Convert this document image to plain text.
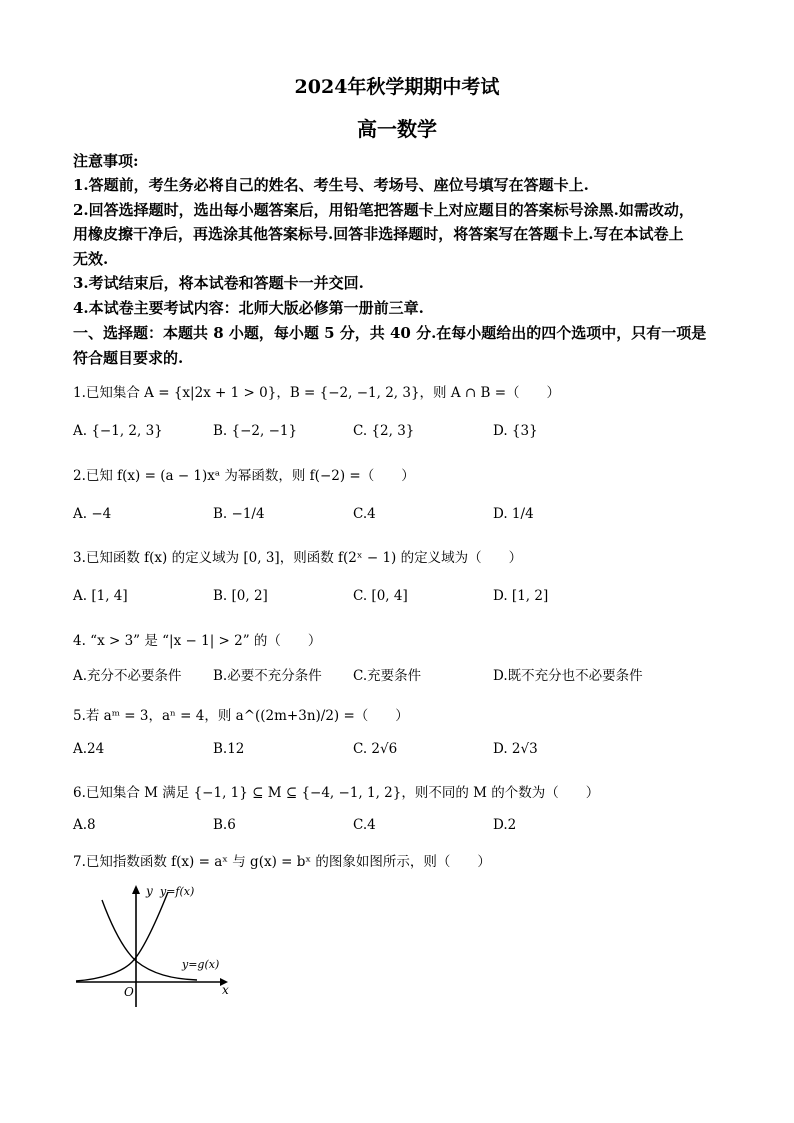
2024年秋学期期中考试
高一数学
注意事项:
1.答题前，考生务必将自己的姓名、考生号、考场号、座位号填写在答题卡上.
2.回答选择题时，选出每小题答案后，用铅笔把答题卡上对应题目的答案标号涂黑.如需改动，
用橡皮擦干净后，再选涂其他答案标号.回答非选择题时，将答案写在答题卡上.写在本试卷上
无效.
3.考试结束后，将本试卷和答题卡一并交回.
4.本试卷主要考试内容：北师大版必修第一册前三章.
一、选择题：本题共 8 小题，每小题 5 分，共 40 分.在每小题给出的四个选项中，只有一项是
符合题目要求的.
1.已知集合 A = {x|2x + 1 > 0}，B = {−2, −1, 2, 3}，则 A ∩ B =（　　）
A. {−1, 2, 3}	B. {−2, −1}	C. {2, 3}	D. {3}
2.已知 f(x) = (a − 1)xᵃ 为幂函数，则 f(−2) =（　　）
A. −4	B. −1/4	C.4	D. 1/4
3.已知函数 f(x) 的定义域为 [0, 3]，则函数 f(2ˣ − 1) 的定义域为（　　）
A. [1, 4]	B. [0, 2]	C. [0, 4]	D. [1, 2]
4. “x > 3” 是 “|x − 1| > 2” 的（　　）
A.充分不必要条件 B.必要不充分条件 C.充要条件	D.既不充分也不必要条件
5.若 aᵐ = 3，aⁿ = 4，则 a^((2m+3n)/2) =（　　）
A.24	B.12	C. 2√6	D. 2√3
6.已知集合 M 满足 {−1, 1} ⊆ M ⊆ {−4, −1, 1, 2}，则不同的 M 的个数为（　　）
A.8	B.6	C.4	D.2
7.已知指数函数 f(x) = aˣ 与 g(x) = bˣ 的图象如图所示，则（　　）
y y=f(x)
y=g(x)
x
O
